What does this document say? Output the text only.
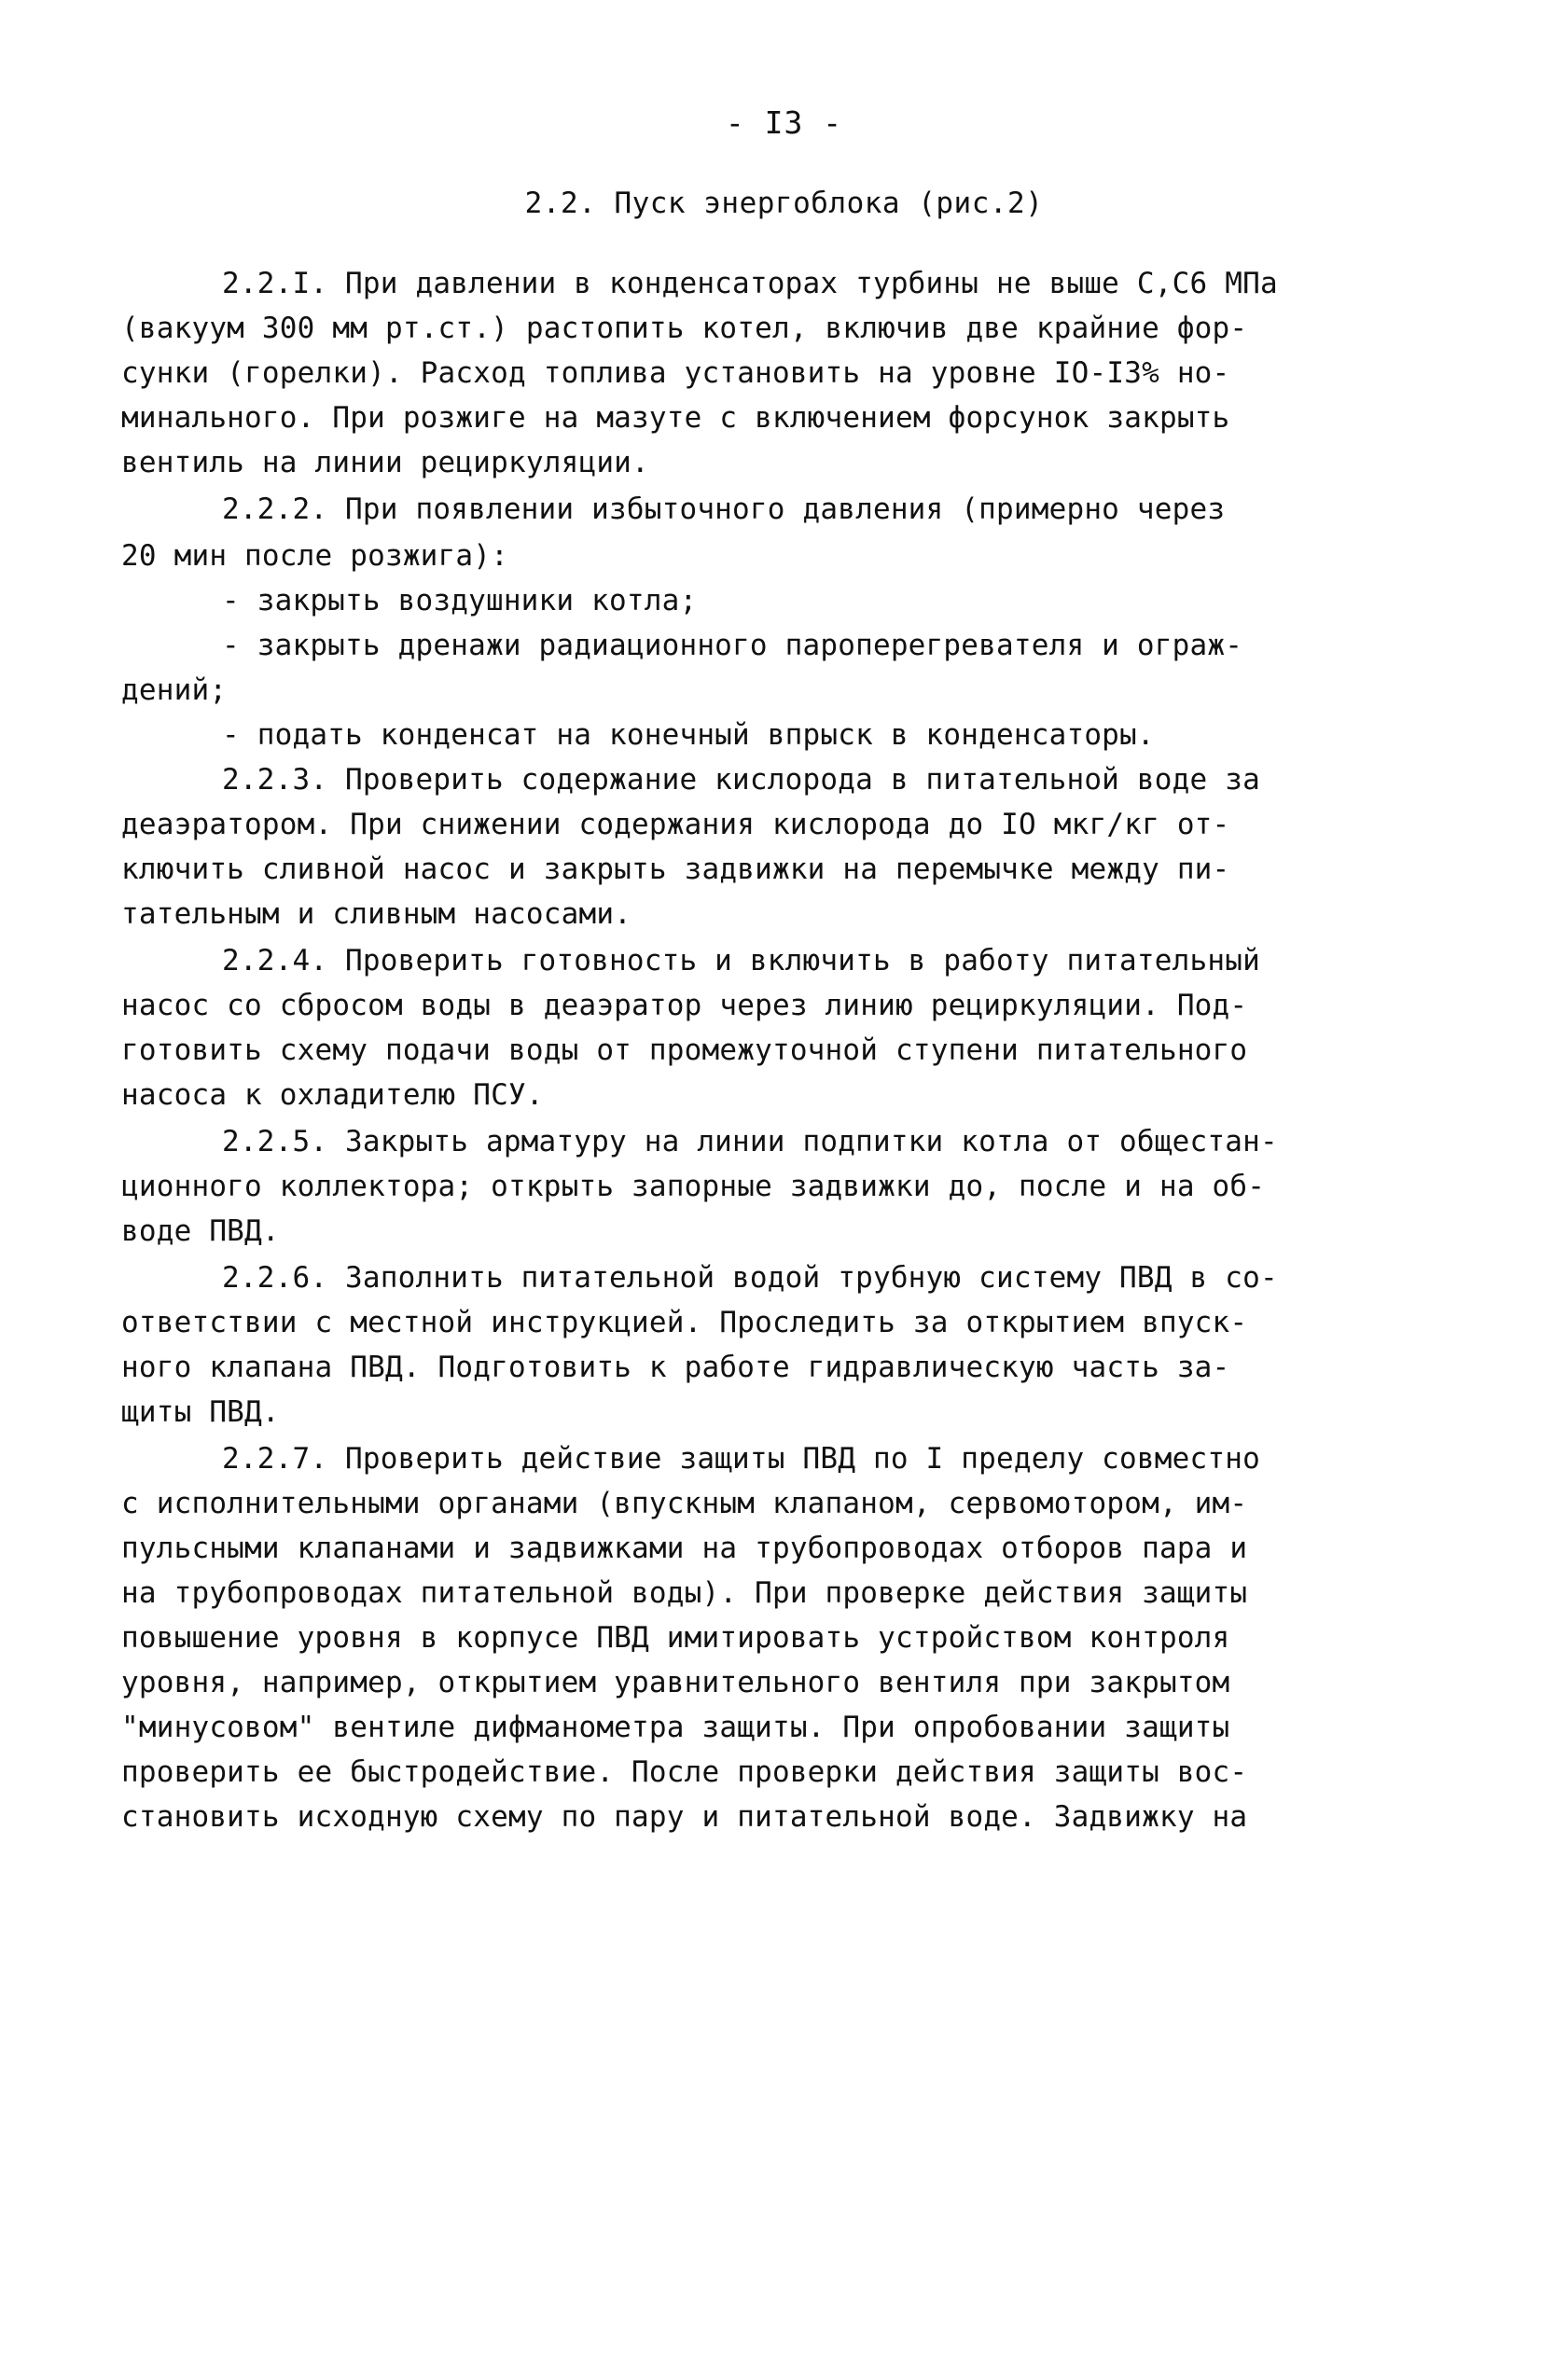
- I3 -
2.2. Пуск энергоблока (рис.2)
2.2.I. При давлении в конденсаторах турбины не выше С,С6 МПа
(вакуум 300 мм рт.ст.) растопить котел, включив две крайние фор-
сунки (горелки). Расход топлива установить на уровне IO-I3% но-
минального. При розжиге на мазуте с включением форсунок закрыть
вентиль на линии рециркуляции.
2.2.2. При появлении избыточного давления (примерно через
20 мин после розжига):
- закрыть воздушники котла;
- закрыть дренажи радиационного пароперегревателя и ограж-
дений;
- подать конденсат на конечный впрыск в конденсаторы.
2.2.3. Проверить содержание кислорода в питательной воде за
деаэратором. При снижении содержания кислорода до IO мкг/кг от-
ключить сливной насос и закрыть задвижки на перемычке между пи-
тательным и сливным насосами.
2.2.4. Проверить готовность и включить в работу питательный
насос со сбросом воды в деаэратор через линию рециркуляции. Под-
готовить схему подачи воды от промежуточной ступени питательного
насоса к охладителю ПСУ.
2.2.5. Закрыть арматуру на линии подпитки котла от общестан-
ционного коллектора; открыть запорные задвижки до, после и на об-
воде ПВД.
2.2.6. Заполнить питательной водой трубную систему ПВД в со-
ответствии с местной инструкцией. Проследить за открытием впуск-
ного клапана ПВД. Подготовить к работе гидравлическую часть за-
щиты ПВД.
2.2.7. Проверить действие защиты ПВД по I пределу совместно
с исполнительными органами (впускным клапаном, сервомотором, им-
пульсными клапанами и задвижками на трубопроводах отборов пара и
на трубопроводах питательной воды). При проверке действия защиты
повышение уровня в корпусе ПВД имитировать устройством контроля
уровня, например, открытием уравнительного вентиля при закрытом
"минусовом" вентиле дифманометра защиты. При опробовании защиты
проверить ее быстродействие. После проверки действия защиты вос-
становить исходную схему по пару и питательной воде. Задвижку на
